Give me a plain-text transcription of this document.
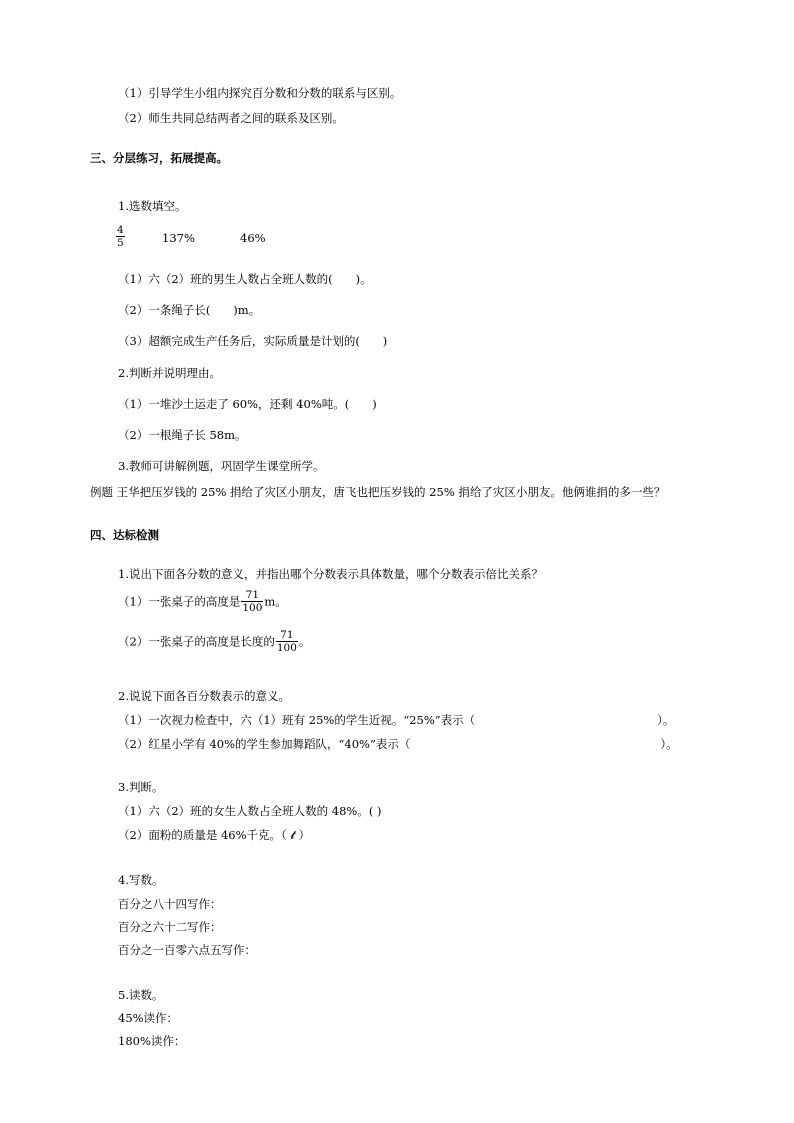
（1）引导学生小组内探究百分数和分数的联系与区别。
（2）师生共同总结两者之间的联系及区别。
三、分层练习，拓展提高。
1.选数填空。
$\frac{4}{5}$	137%	46%
（1）六（2）班的男生人数占全班人数的(　　)。
（2）一条绳子长(　　)m。
（3）超额完成生产任务后，实际质量是计划的(　　)
2.判断并说明理由。
（1）一堆沙土运走了 60%，还剩 40%吨。(　　)
（2）一根绳子长 58m。
3.教师可讲解例题，巩固学生课堂所学。
例题 王华把压岁钱的 25% 捐给了灾区小朋友，唐飞也把压岁钱的 25% 捐给了灾区小朋友。他俩谁捐的多一些？
四、达标检测
1.说出下面各分数的意义，并指出哪个分数表示具体数量，哪个分数表示倍比关系？
（1）一张桌子的高度是 $\frac{71}{100}$ m。
（2）一张桌子的高度是长度的 $\frac{71}{100}$ 。
2.说说下面各百分数表示的意义。
（1）一次视力检查中，六（1）班有 25%的学生近视。“25%”表示（	）。
（2）红星小学有 40%的学生参加舞蹈队，“40%”表示（	）。
3.判断。
（1）六（2）班的女生人数占全班人数的 48%。( )
（2）面粉的质量是 46%千克。（ 𝓽 ）
4.写数。
百分之八十四写作：
百分之六十二写作：
百分之一百零六点五写作：
5.读数。
45%读作：
180%读作：
